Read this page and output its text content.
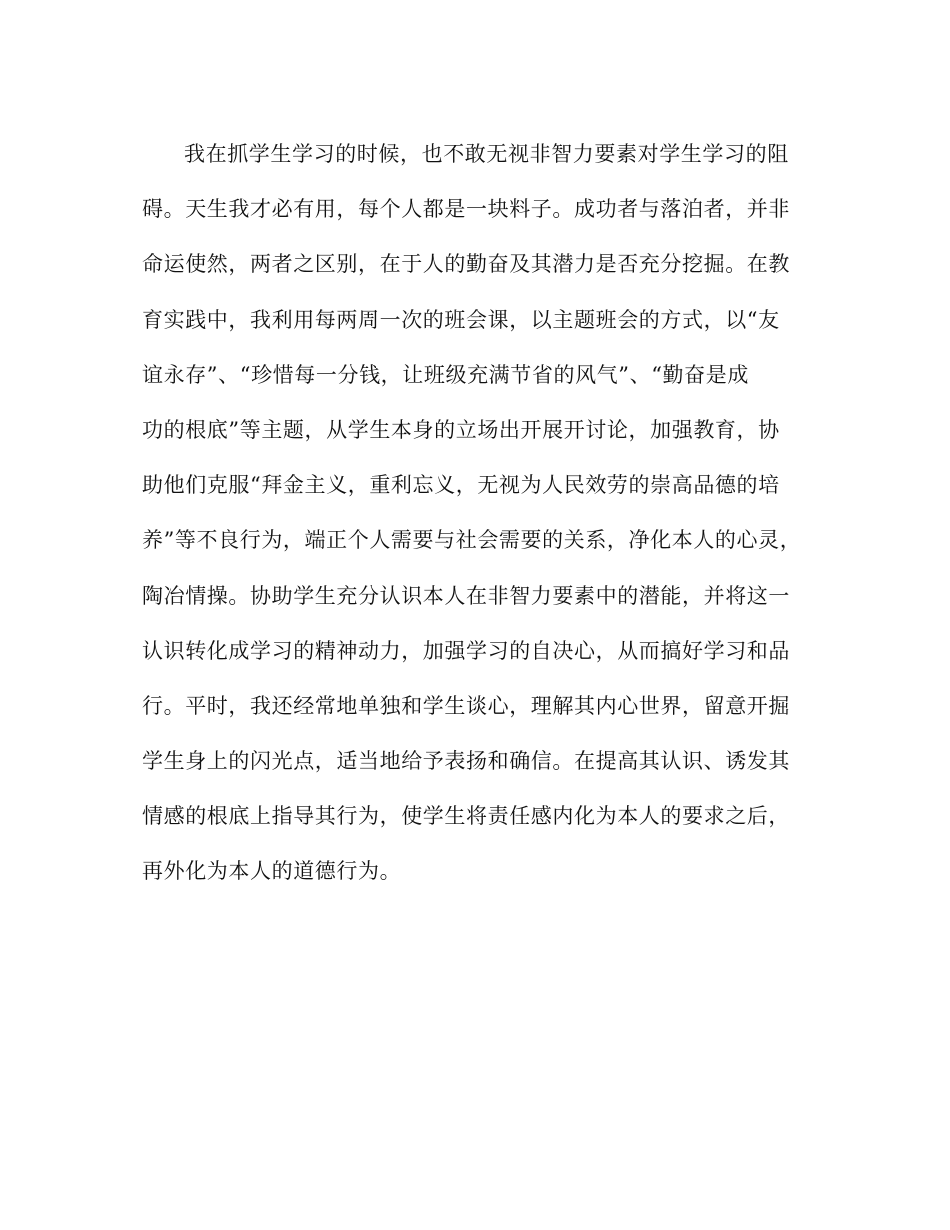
我在抓学生学习的时候，也不敢无视非智力要素对学生学习的阻
碍。天生我才必有用，每个人都是一块料子。成功者与落泊者，并非
命运使然，两者之区别，在于人的勤奋及其潜力是否充分挖掘。在教
育实践中，我利用每两周一次的班会课，以主题班会的方式，以“友
谊永存”、“珍惜每一分钱，让班级充满节省的风气”、“勤奋是成
功的根底”等主题，从学生本身的立场出开展开讨论，加强教育，协
助他们克服“拜金主义，重利忘义，无视为人民效劳的崇高品德的培
养”等不良行为，端正个人需要与社会需要的关系，净化本人的心灵，
陶冶情操。协助学生充分认识本人在非智力要素中的潜能，并将这一
认识转化成学习的精神动力，加强学习的自决心，从而搞好学习和品
行。平时，我还经常地单独和学生谈心，理解其内心世界，留意开掘
学生身上的闪光点，适当地给予表扬和确信。在提高其认识、诱发其
情感的根底上指导其行为，使学生将责任感内化为本人的要求之后，
再外化为本人的道德行为。
